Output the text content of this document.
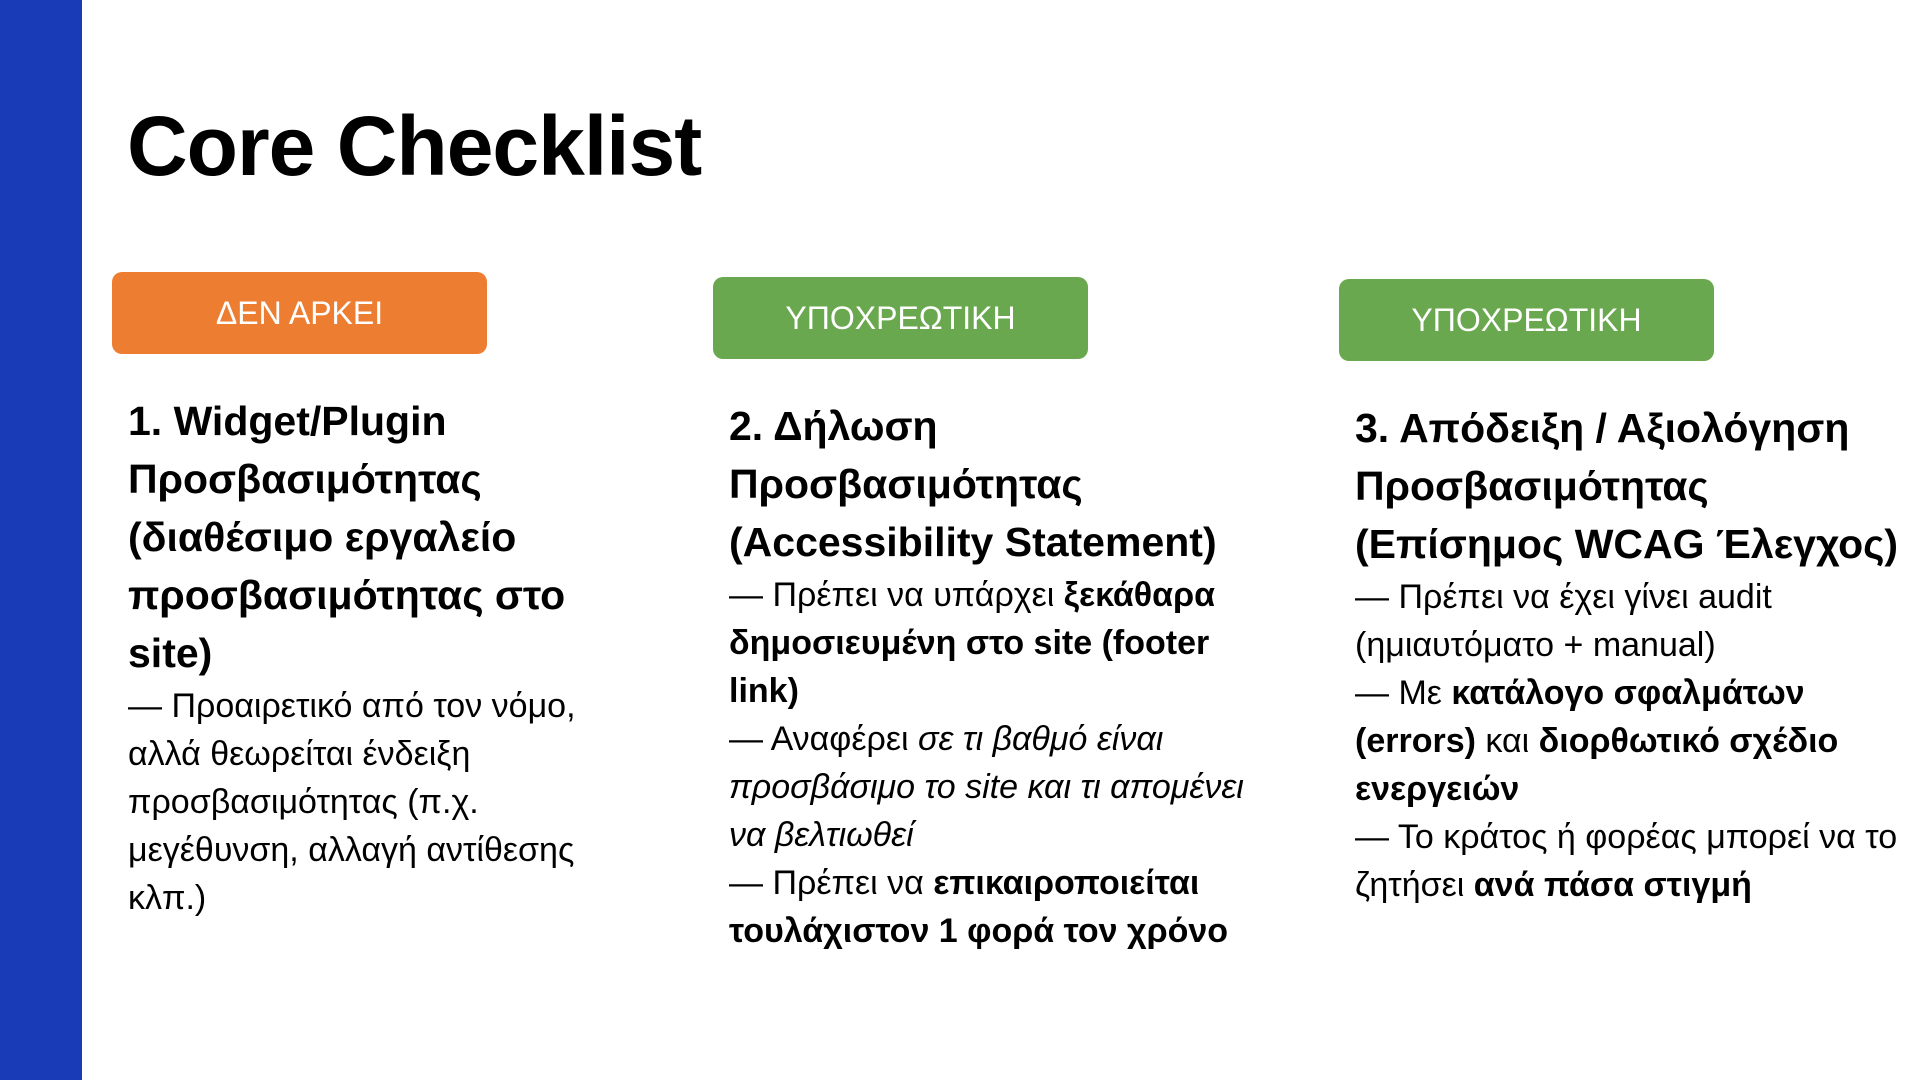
Core Checklist
ΔΕΝ ΑΡΚΕΙ
1. Widget/Plugin Προσβασιμότητας (διαθέσιμο εργαλείο προσβασιμότητας στο site)

— Προαιρετικό από τον νόμο, αλλά θεωρείται ένδειξη προσβασιμότητας (π.χ. μεγέθυνση, αλλαγή αντίθεσης κλπ.)

ΥΠΟΧΡΕΩΤΙΚΗ
2. Δήλωση Προσβασιμότητας (Accessibility Statement)

— Πρέπει να υπάρχει ξεκάθαρα δημοσιευμένη στο site (footer link)

— Αναφέρει σε τι βαθμό είναι προσβάσιμο το site και τι απομένει να βελτιωθεί

— Πρέπει να επικαιροποιείται τουλάχιστον 1 φορά τον χρόνο

ΥΠΟΧΡΕΩΤΙΚΗ
3. Απόδειξη / Αξιολόγηση Προσβασιμότητας (Επίσημος WCAG Έλεγχος)

— Πρέπει να έχει γίνει audit (ημιαυτόματο + manual)

— Με κατάλογο σφαλμάτων (errors) και διορθωτικό σχέδιο ενεργειών

— Το κράτος ή φορέας μπορεί να το ζητήσει ανά πάσα στιγμή
